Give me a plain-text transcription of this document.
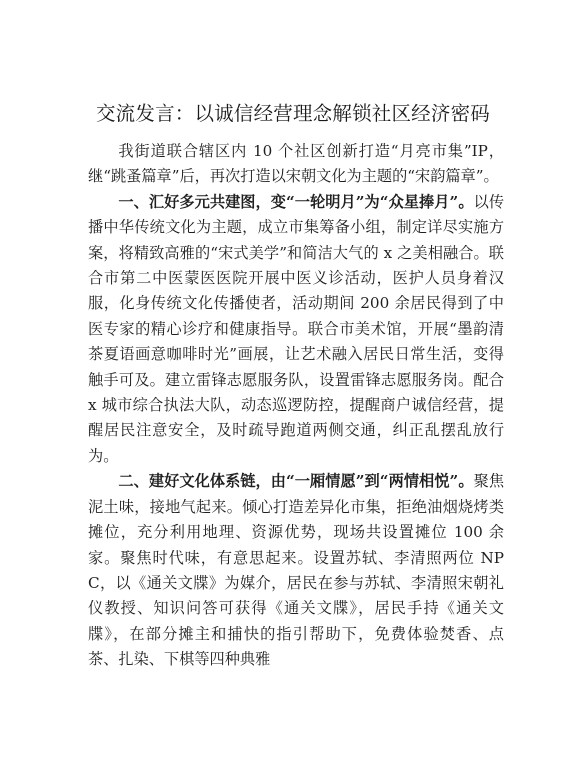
交流发言：以诚信经营理念解锁社区经济密码

我街道联合辖区内 10 个社区创新打造“月亮市集”IP，继“跳蚤篇章”后，再次打造以宋朝文化为主题的“宋韵篇章”。

一、汇好多元共建图，变“一轮明月”为“众星捧月”。以传播中华传统文化为主题，成立市集筹备小组，制定详尽实施方案，将精致高雅的“宋式美学”和简洁大气的 x 之美相融合。联合市第二中医蒙医医院开展中医义诊活动，医护人员身着汉服，化身传统文化传播使者，活动期间 200 余居民得到了中医专家的精心诊疗和健康指导。联合市美术馆，开展“墨韵清茶夏语画意咖啡时光”画展，让艺术融入居民日常生活，变得触手可及。建立雷锋志愿服务队，设置雷锋志愿服务岗。配合 x 城市综合执法大队，动态巡逻防控，提醒商户诚信经营，提醒居民注意安全，及时疏导跑道两侧交通，纠正乱摆乱放行为。

二、建好文化体系链，由“一厢情愿”到“两情相悦”。聚焦泥土味，接地气起来。倾心打造差异化市集，拒绝油烟烧烤类摊位，充分利用地理、资源优势，现场共设置摊位 100 余家。聚焦时代味，有意思起来。设置苏轼、李清照两位 NPC，以《通关文牒》为媒介，居民在参与苏轼、李清照宋朝礼仪教授、知识问答可获得《通关文牒》，居民手持《通关文牒》，在部分摊主和捕快的指引帮助下，免费体验焚香、点茶、扎染、下棋等四种典雅
